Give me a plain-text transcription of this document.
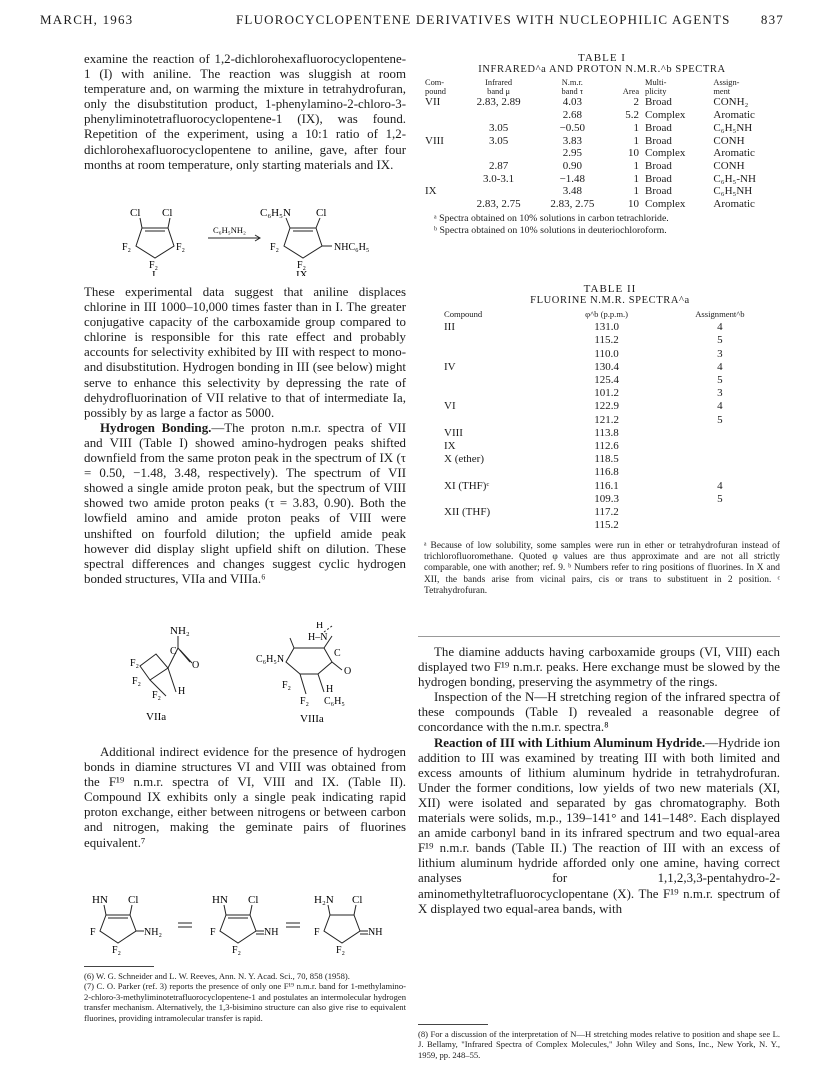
MARCH, 1963	FLUOROCYCLOPENTENE DERIVATIVES WITH NUCLEOPHILIC AGENTS 837

examine the reaction of 1,2-dichlorohexafluorocyclopentene-1 (I) with aniline. The reaction was sluggish at room temperature and, on warming the mixture in tetrahydrofuran, only the disubstitution product, 1-phenylamino-2-chloro-3-phenyliminotetrafluorocyclopentene-1 (IX), was found. Repetition of the experiment, using a 10:1 ratio of 1,2-dichlorohexafluorocyclopentene to aniline, gave, after four months at room temperature, only starting materials and IX.

Cl Cl
F₂	F₂
F₂
I
C₆H₅NH₂
C₆H₅N Cl
F₂	NHC₆H₅
F₂
IX

These experimental data suggest that aniline displaces chlorine in III 1000–10,000 times faster than in I. The greater conjugative capacity of the carboxamide group compared to chlorine is responsible for this rate effect and probably accounts for selectivity exhibited by III with respect to mono- and disubstitution. Hydrogen bonding in III (see below) might serve to enhance this selectivity by depressing the rate of dehydrofluorination of VII relative to that of intermediate Ia, possibly by as large a factor as 5000.

Hydrogen Bonding.—The proton n.m.r. spectra of VII and VIII (Table I) showed amino-hydrogen peaks shifted downfield from the same proton peak in the spectrum of IX (τ = 0.50, −1.48, 3.48, respectively). The spectrum of VII showed a single amide proton peak, but the spectrum of VIII showed two amide proton peaks (τ = 3.83, 0.90). Both the lowfield amino and amide proton peaks of VIII were unshifted on fourfold dilution; the upfield amide peak however did display slight upfield shift on dilution. These spectral differences and changes suggest cyclic hydrogen bonded structures, VIIa and VIIIa.⁶

NH₂
C
O
F₂
F₂
F₂ H
VIIa
H
H–N
C₆H₅N
C
O
F₂
F₂
H
C₆H₅
VIIIa

Additional indirect evidence for the presence of hydrogen bonds in diamine structures VI and VIII was obtained from the F¹⁹ n.m.r. spectra of VI, VIII and IX. (Table II). Compound IX exhibits only a single peak indicating rapid proton exchange, either between nitrogens or between carbon and nitrogen, making the geminate pairs of fluorines equivalent.⁷

HN Cl
F	NH₂
F₂
HN Cl
F	NH
F₂
H₂N Cl
F	NH
F₂
(6) W. G. Schneider and L. W. Reeves, Ann. N. Y. Acad. Sci., 70, 858 (1958).
(7) C. O. Parker (ref. 3) reports the presence of only one F¹⁹ n.m.r. band for 1-methylamino-2-chloro-3-methyliminotetrafluorocyclopentene-1 and postulates an intermolecular hydrogen transfer mechanism. Alternatively, the 1,3-bisimino structure can also give rise to equivalent fluorines, providing intramolecular transfer is rapid.
TABLE I
INFRARED^a AND PROTON N.M.R.^b SPECTRA
Com-
pound	Infrared
band μ	N.m.r.
band τ	Area	Multi-
plicity	Assign-
ment
VII	2.83, 2.89	4.03	2	Broad	CONH₂
		2.68	5.2	Complex	Aromatic
	3.05	−0.50	1	Broad	C₆H₅NH
VIII	3.05	3.83	1	Broad	CONH
		2.95	10	Complex	Aromatic
	2.87	0.90	1	Broad	CONH
	3.0-3.1	−1.48	1	Broad	C₆H₅-NH
IX		3.48	1	Broad	C₆H₅NH
	2.83, 2.75	2.83, 2.75	10	Complex	Aromatic
ᵃ Spectra obtained on 10% solutions in carbon tetrachloride.
ᵇ Spectra obtained on 10% solutions in deuteriochloroform.
TABLE II
FLUORINE N.M.R. SPECTRA^a
Compound	φ^b (p.p.m.)	Assignment^b
III	131.0	4
	115.2	5
	110.0	3
IV	130.4	4
	125.4	5
	101.2	3
VI	122.9	4
	121.2	5
VIII	113.8	
IX	112.6	
X (ether)	118.5	
	116.8	
XI (THF)ᶜ	116.1	4
	109.3	5
XII (THF)	117.2	
	115.2	
ᵃ Because of low solubility, some samples were run in ether or tetrahydrofuran instead of trichlorofluoromethane. Quoted φ values are thus approximate and are not all strictly comparable, one with another; ref. 9. ᵇ Numbers refer to ring positions of fluorines. In X and XII, the bands arise from vicinal pairs, cis or trans to substituent in 2 position. ᶜ Tetrahydrofuran.

The diamine adducts having carboxamide groups (VI, VIII) each displayed two F¹⁹ n.m.r. peaks. Here exchange must be slowed by the hydrogen bonding, preserving the asymmetry of the rings.

Inspection of the N—H stretching region of the infrared spectra of these compounds (Table I) revealed a reasonable degree of concordance with the n.m.r. spectra.⁸

Reaction of III with Lithium Aluminum Hydride.—Hydride ion addition to III was examined by treating III with both limited and excess amounts of lithium aluminum hydride in tetrahydrofuran. Under the former conditions, low yields of two new materials (XI, XII) were isolated and separated by gas chromatography. Both materials were solids, m.p., 139–141° and 141–148°. Each displayed an amide carbonyl band in its infrared spectrum and two equal-area F¹⁹ n.m.r. bands (Table II.) The reaction of III with an excess of lithium aluminum hydride afforded only one amine, having correct analyses for 1,1,2,3,3-pentahydro-2-aminomethyltetrafluorocyclopentane (X). The F¹⁹ n.m.r. spectrum of X displayed two equal-area bands, with

(8) For a discussion of the interpretation of N—H stretching modes relative to position and shape see L. J. Bellamy, "Infrared Spectra of Complex Molecules," John Wiley and Sons, Inc., New York, N. Y., 1959, pp. 248–55.
